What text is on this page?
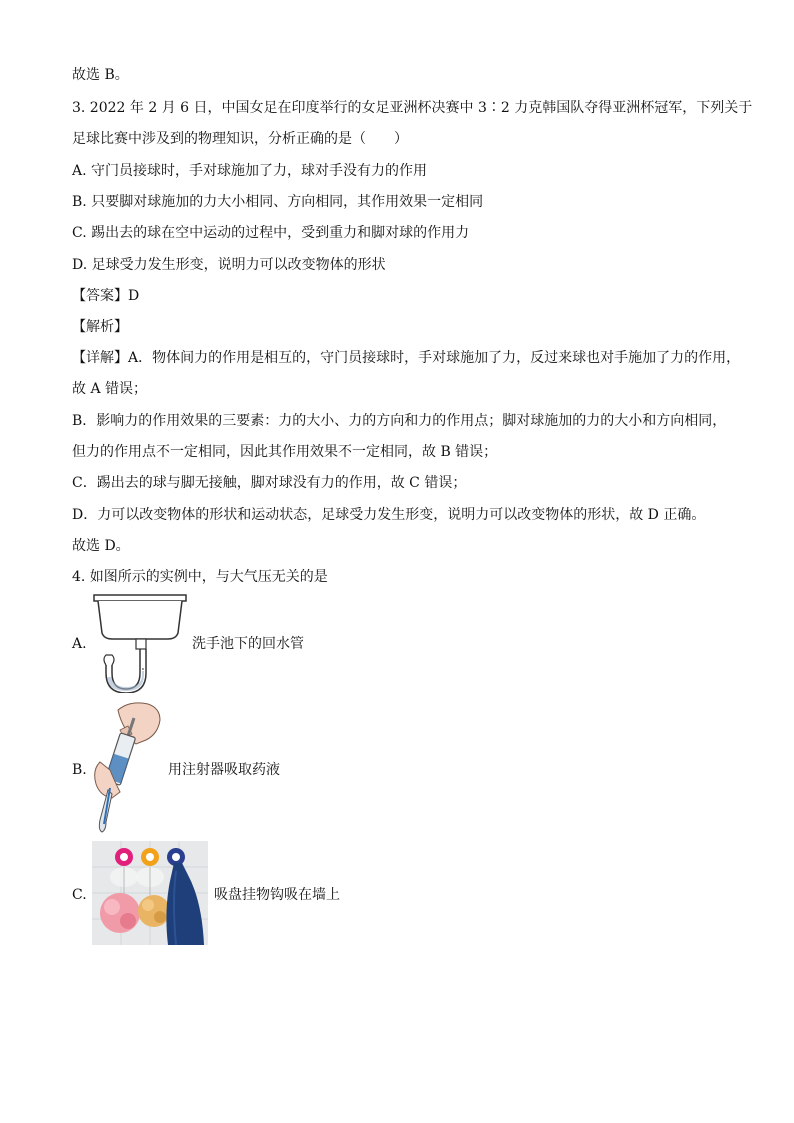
故选 B。
3. 2022 年 2 月 6 日，中国女足在印度举行的女足亚洲杯决赛中 3∶2 力克韩国队夺得亚洲杯冠军，下列关于
足球比赛中涉及到的物理知识，分析正确的是（　　）
A. 守门员接球时，手对球施加了力，球对手没有力的作用
B. 只要脚对球施加的力大小相同、方向相同，其作用效果一定相同
C. 踢出去的球在空中运动的过程中，受到重力和脚对球的作用力
D. 足球受力发生形变，说明力可以改变物体的形状
【答案】D
【解析】
【详解】A．物体间力的作用是相互的，守门员接球时，手对球施加了力，反过来球也对手施加了力的作用，
故 A 错误；
B．影响力的作用效果的三要素：力的大小、力的方向和力的作用点；脚对球施加的力的大小和方向相同，
但力的作用点不一定相同，因此其作用效果不一定相同，故 B 错误；
C．踢出去的球与脚无接触，脚对球没有力的作用，故 C 错误；
D．力可以改变物体的形状和运动状态，足球受力发生形变，说明力可以改变物体的形状，故 D 正确。
故选 D。
4. 如图所示的实例中，与大气压无关的是
A.	洗手池下的回水管
B.	用注射器吸取药液
C.	吸盘挂物钩吸在墙上
